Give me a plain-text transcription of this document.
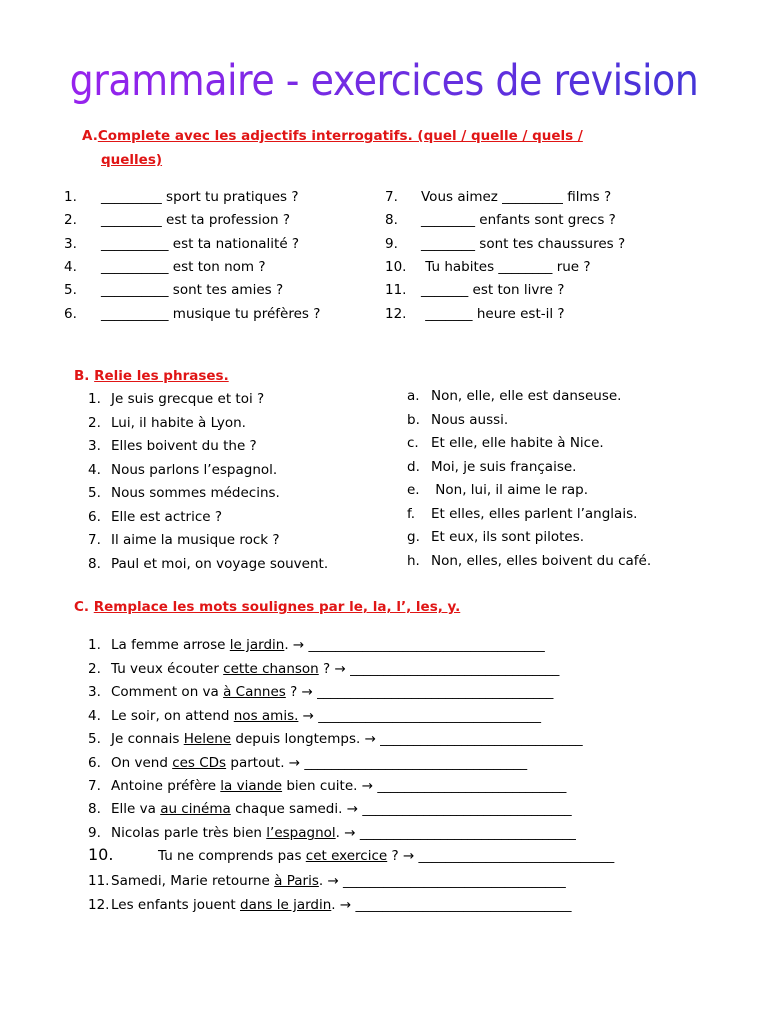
grammaire - exercices de revision
A.Complete avec les adjectifs interrogatifs. (quel / quelle / quels /
quelles)
1. _________ sport tu pratiques ?
2. _________ est ta profession ?
3. __________ est ta nationalité ?
4. __________ est ton nom ?
5. __________ sont tes amies ?
6. __________ musique tu préfères ?
7. Vous aimez _________ films ?
8. ________ enfants sont grecs ?
9. ________ sont tes chaussures ?
10. Tu habites ________ rue ?
11. _______ est ton livre ?
12. _______ heure est-il ?
B. Relie les phrases.
1. Je suis grecque et toi ?
2. Lui, il habite à Lyon.
3. Elles boivent du the ?
4. Nous parlons l’espagnol.
5. Nous sommes médecins.
6. Elle est actrice ?
7. Il aime la musique rock ?
8. Paul et moi, on voyage souvent.
a. Non, elle, elle est danseuse.
b. Nous aussi.
c. Et elle, elle habite à Nice.
d. Moi, je suis française.
e. Non, lui, il aime le rap.
f. Et elles, elles parlent l’anglais.
g. Et eux, ils sont pilotes.
h. Non, elles, elles boivent du café.
C. Remplace les mots soulignes par le, la, l’, les, y.
1. La femme arrose le jardin. → ___________________________________
2. Tu veux écouter cette chanson ? → _______________________________
3. Comment on va à Cannes ? → ___________________________________
4. Le soir, on attend nos amis. → _________________________________
5. Je connais Helene depuis longtemps. → ______________________________
6. On vend ces CDs partout. → _________________________________
7. Antoine préfère la viande bien cuite. → ____________________________
8. Elle va au cinéma chaque samedi. → _______________________________
9. Nicolas parle très bien l’espagnol. → ________________________________
10.	Tu ne comprends pas cet exercice ? → _____________________________
11. Samedi, Marie retourne à Paris. → _________________________________
12. Les enfants jouent dans le jardin. → ________________________________
